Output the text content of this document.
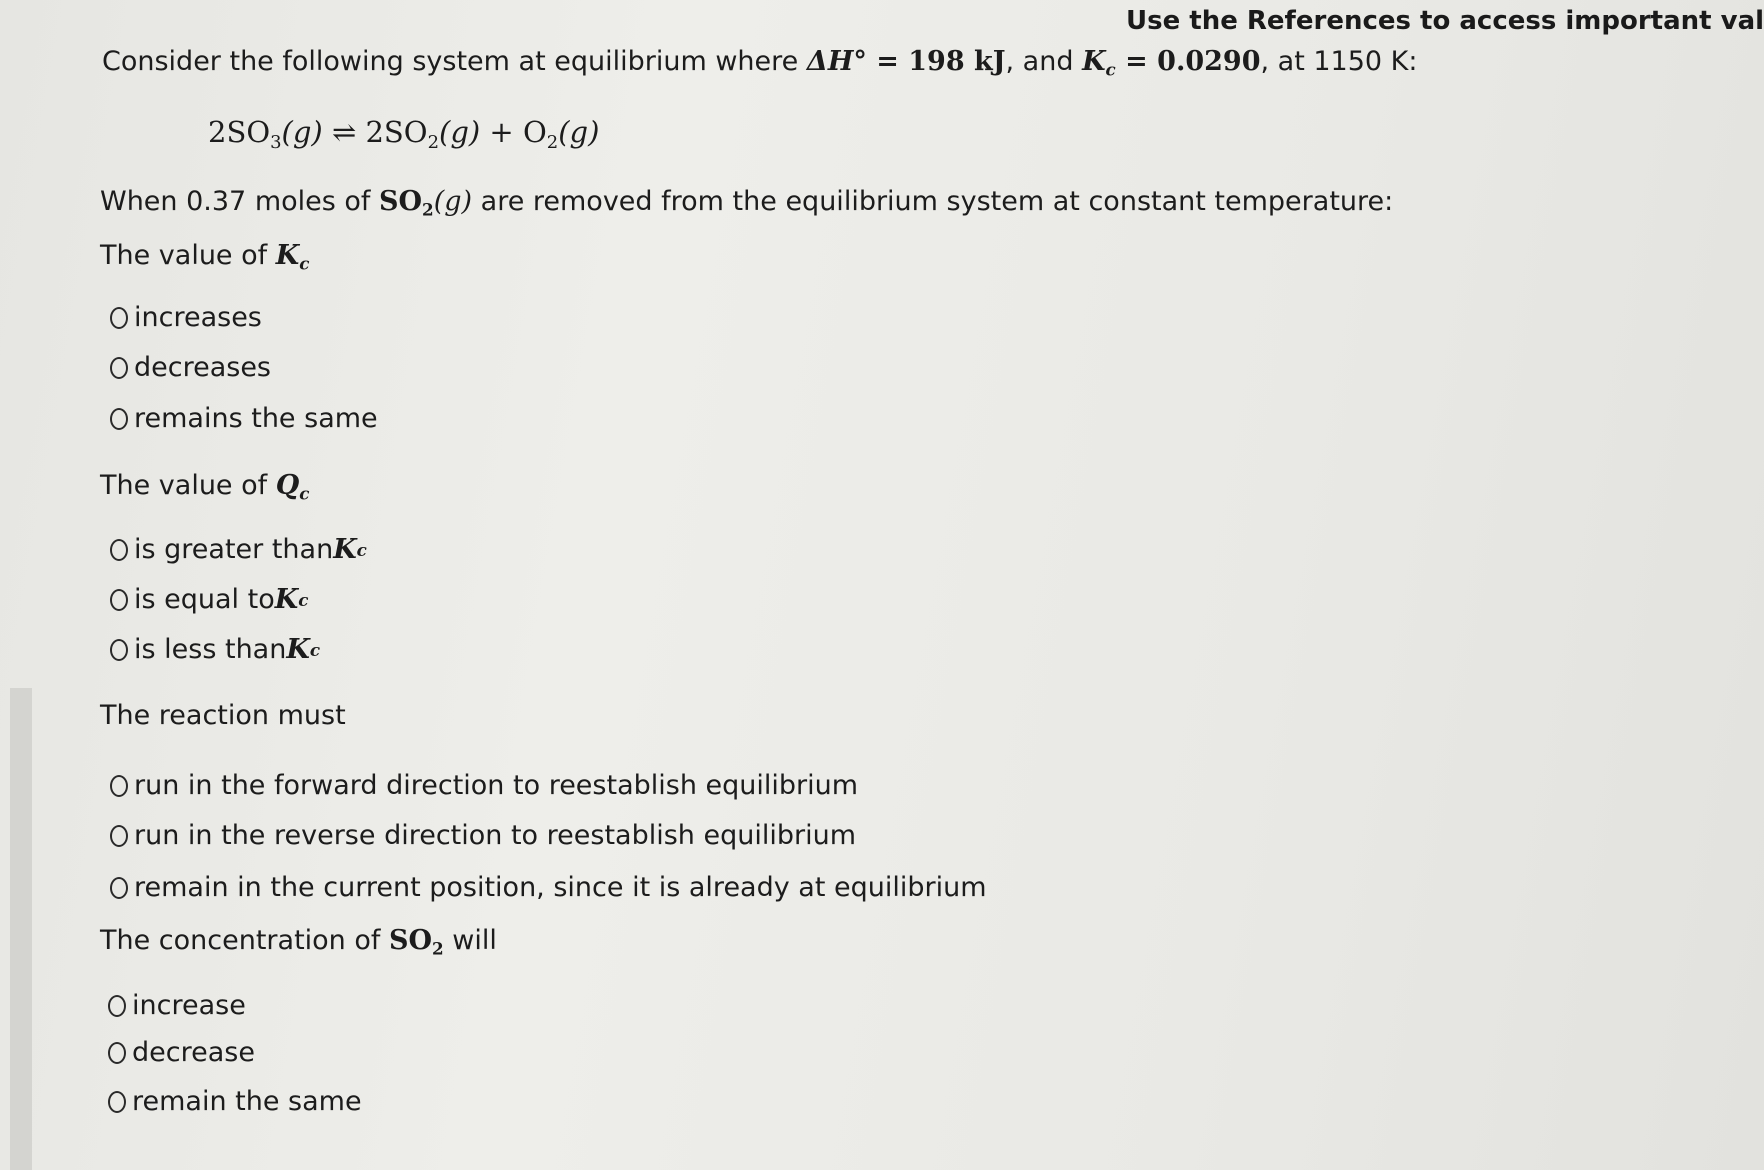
Use the References to access important val
Consider the following system at equilibrium where ΔH° = 198 kJ, and $K_c = 0.0290$, at 1150 K:
$2SO_3(g)$ ⇌ $2SO_2(g) + O_2(g)$
When 0.37 moles of $SO_2(g)$ are removed from the equilibrium system at constant temperature:
The value of $K_c$
increases
decreases
remains the same
The value of $Q_c$
is greater than K c
is equal to K c
is less than K c
The reaction must
run in the forward direction to reestablish equilibrium
run in the reverse direction to reestablish equilibrium
remain in the current position, since it is already at equilibrium
The concentration of $SO_2$ will
increase
decrease
remain the same
